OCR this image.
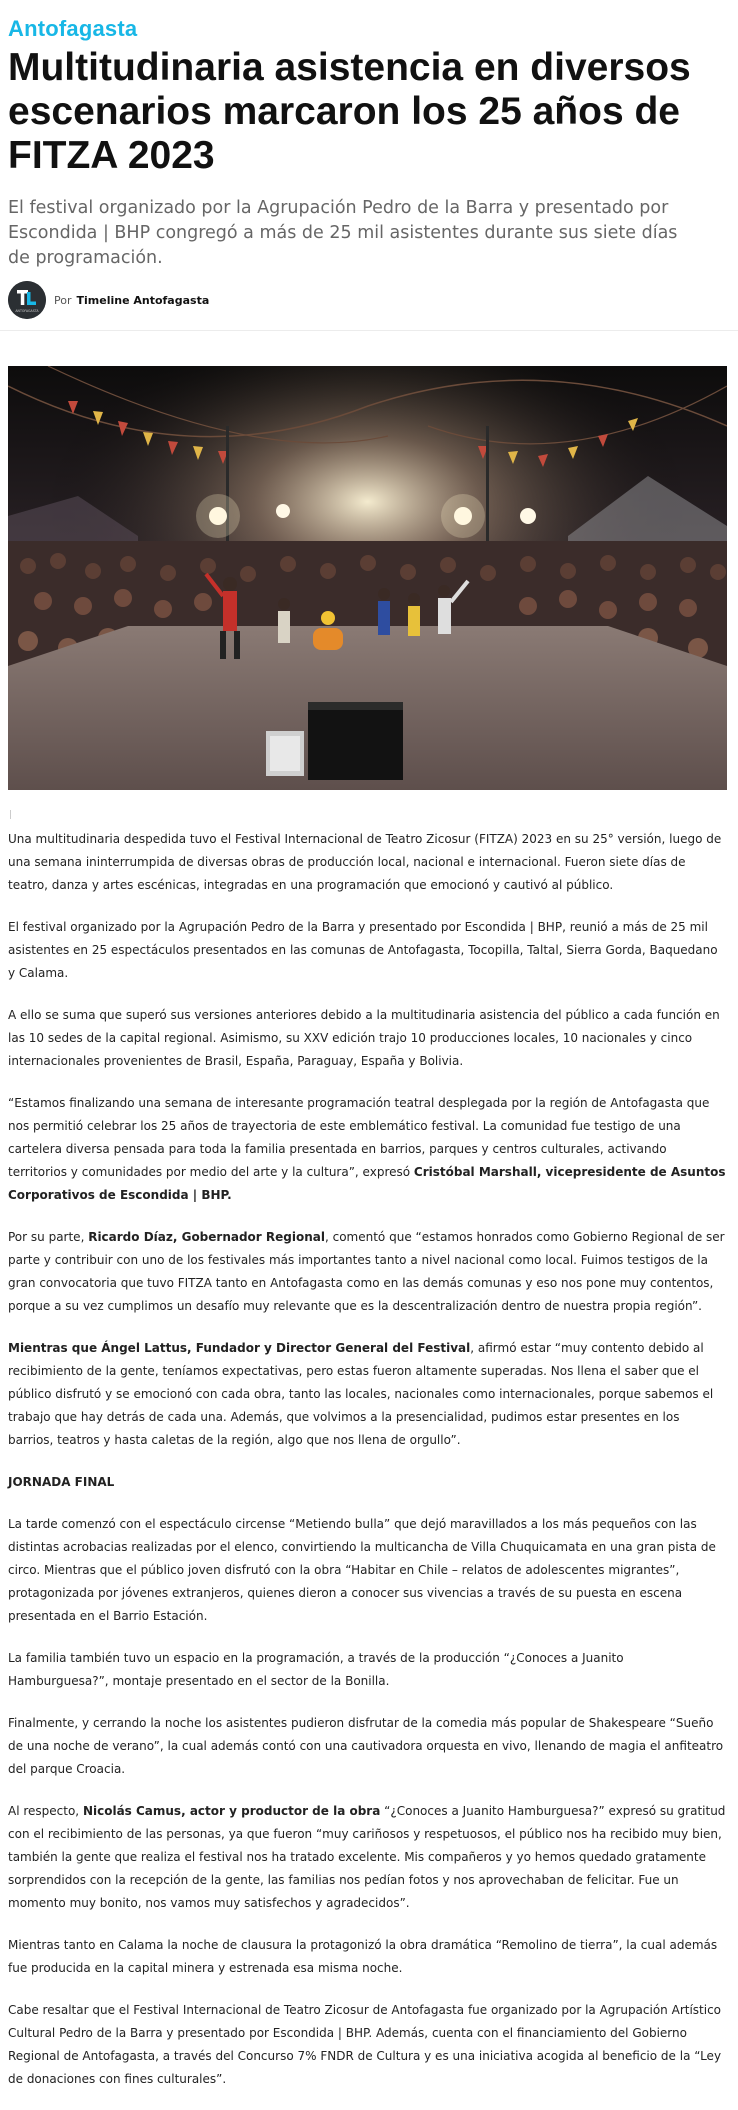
Antofagasta
Multitudinaria asistencia en diversos escenarios marcaron los 25 años de FITZA 2023

El festival organizado por la Agrupación Pedro de la Barra y presentado por Escondida | BHP congregó a más de 25 mil asistentes durante sus siete días de programación.

ANTOFAGASTA
Por Timeline Antofagasta

Una multitudinaria despedida tuvo el Festival Internacional de Teatro Zicosur (FITZA) 2023 en su 25° versión, luego de una semana ininterrumpida de diversas obras de producción local, nacional e internacional. Fueron siete días de teatro, danza y artes escénicas, integradas en una programación que emocionó y cautivó al público.

El festival organizado por la Agrupación Pedro de la Barra y presentado por Escondida | BHP, reunió a más de 25 mil asistentes en 25 espectáculos presentados en las comunas de Antofagasta, Tocopilla, Taltal, Sierra Gorda, Baquedano y Calama.

A ello se suma que superó sus versiones anteriores debido a la multitudinaria asistencia del público a cada función en las 10 sedes de la capital regional. Asimismo, su XXV edición trajo 10 producciones locales, 10 nacionales y cinco internacionales provenientes de Brasil, España, Paraguay, España y Bolivia.

“Estamos finalizando una semana de interesante programación teatral desplegada por la región de Antofagasta que nos permitió celebrar los 25 años de trayectoria de este emblemático festival. La comunidad fue testigo de una cartelera diversa pensada para toda la familia presentada en barrios, parques y centros culturales, activando territorios y comunidades por medio del arte y la cultura”, expresó Cristóbal Marshall, vicepresidente de Asuntos Corporativos de Escondida | BHP.

Por su parte, Ricardo Díaz, Gobernador Regional, comentó que “estamos honrados como Gobierno Regional de ser parte y contribuir con uno de los festivales más importantes tanto a nivel nacional como local. Fuimos testigos de la gran convocatoria que tuvo FITZA tanto en Antofagasta como en las demás comunas y eso nos pone muy contentos, porque a su vez cumplimos un desafío muy relevante que es la descentralización dentro de nuestra propia región”.

Mientras que Ángel Lattus, Fundador y Director General del Festival, afirmó estar “muy contento debido al recibimiento de la gente, teníamos expectativas, pero estas fueron altamente superadas. Nos llena el saber que el público disfrutó y se emocionó con cada obra, tanto las locales, nacionales como internacionales, porque sabemos el trabajo que hay detrás de cada una. Además, que volvimos a la presencialidad, pudimos estar presentes en los barrios, teatros y hasta caletas de la región, algo que nos llena de orgullo”.

JORNADA FINAL

La tarde comenzó con el espectáculo circense “Metiendo bulla” que dejó maravillados a los más pequeños con las distintas acrobacias realizadas por el elenco, convirtiendo la multicancha de Villa Chuquicamata en una gran pista de circo. Mientras que el público joven disfrutó con la obra “Habitar en Chile – relatos de adolescentes migrantes”, protagonizada por jóvenes extranjeros, quienes dieron a conocer sus vivencias a través de su puesta en escena presentada en el Barrio Estación.

La familia también tuvo un espacio en la programación, a través de la producción “¿Conoces a Juanito Hamburguesa?”, montaje presentado en el sector de la Bonilla.

Finalmente, y cerrando la noche los asistentes pudieron disfrutar de la comedia más popular de Shakespeare “Sueño de una noche de verano”, la cual además contó con una cautivadora orquesta en vivo, llenando de magia el anfiteatro del parque Croacia.

Al respecto, Nicolás Camus, actor y productor de la obra “¿Conoces a Juanito Hamburguesa?” expresó su gratitud con el recibimiento de las personas, ya que fueron “muy cariñosos y respetuosos, el público nos ha recibido muy bien, también la gente que realiza el festival nos ha tratado excelente. Mis compañeros y yo hemos quedado gratamente sorprendidos con la recepción de la gente, las familias nos pedían fotos y nos aprovechaban de felicitar. Fue un momento muy bonito, nos vamos muy satisfechos y agradecidos”.

Mientras tanto en Calama la noche de clausura la protagonizó la obra dramática “Remolino de tierra”, la cual además fue producida en la capital minera y estrenada esa misma noche.

Cabe resaltar que el Festival Internacional de Teatro Zicosur de Antofagasta fue organizado por la Agrupación Artístico Cultural Pedro de la Barra y presentado por Escondida | BHP. Además, cuenta con el financiamiento del Gobierno Regional de Antofagasta, a través del Concurso 7% FNDR de Cultura y es una iniciativa acogida al beneficio de la “Ley de donaciones con fines culturales”.
